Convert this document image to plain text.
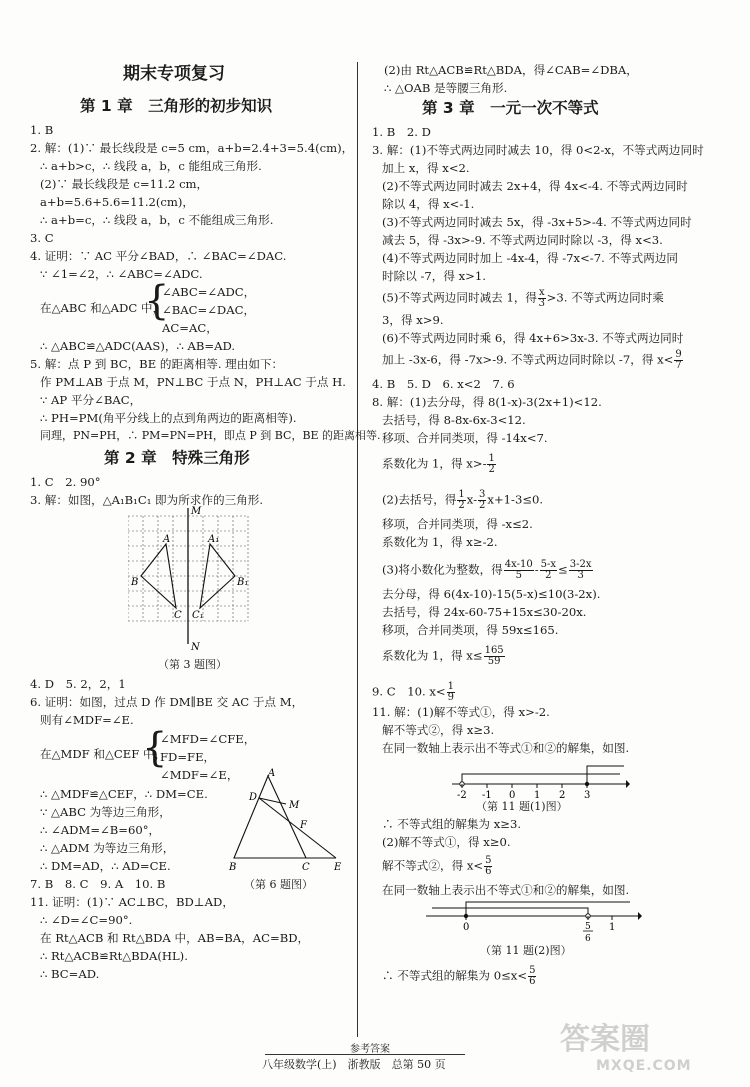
期末专项复习
第 1 章　三角形的初步知识
1. B
2. 解：(1)∵ 最长线段是 c=5 cm，a+b=2.4+3=5.4(cm)，
∴ a+b>c，∴ 线段 a，b，c 能组成三角形.
(2)∵ 最长线段是 c=11.2 cm，
a+b=5.6+5.6=11.2(cm)，
∴ a+b=c，∴ 线段 a，b，c 不能组成三角形.
3. C
4. 证明：∵ AC 平分∠BAD，∴ ∠BAC=∠DAC.
∵ ∠1=∠2，∴ ∠ABC=∠ADC.
在△ABC 和△ADC 中，
{
∠ABC=∠ADC，
∠BAC=∠DAC，
AC=AC，
∴ △ABC≌△ADC(AAS)，∴ AB=AD.
5. 解：点 P 到 BC，BE 的距离相等. 理由如下：
作 PM⊥AB 于点 M，PN⊥BC 于点 N，PH⊥AC 于点 H.
∵ AP 平分∠BAC，
∴ PH=PM(角平分线上的点到角两边的距离相等).
同理，PN=PH，∴ PM=PN=PH，即点 P 到 BC，BE 的距离相等.
第 2 章　特殊三角形
1. C　2. 90°
3. 解：如图，△A₁B₁C₁ 即为所求作的三角形.
M
N
A	A₁
B	B₁
C C₁
（第 3 题图）
4. D　5. 2，2，1
6. 证明：如图，过点 D 作 DM∥BE 交 AC 于点 M，
则有∠MDF=∠E.
在△MDF 和△CEF 中，
{
∠MFD=∠CFE，
FD=FE，
∠MDF=∠E，
∴ △MDF≌△CEF，∴ DM=CE.
∵ △ABC 为等边三角形，
∴ ∠ADM=∠B=60°，
∴ △ADM 为等边三角形，
∴ DM=AD，∴ AD=CE.
A
D
M
F
B	C E
（第 6 题图）
7. B　8. C　9. A　10. B
11. 证明：(1)∵ AC⊥BC，BD⊥AD，
∴ ∠D=∠C=90°.
在 Rt△ACB 和 Rt△BDA 中，AB=BA，AC=BD，
∴ Rt△ACB≌Rt△BDA(HL).
∴ BC=AD.
(2)由 Rt△ACB≌Rt△BDA，得∠CAB=∠DBA，
∴ △OAB 是等腰三角形.
第 3 章　一元一次不等式
1. B　2. D
3. 解：(1)不等式两边同时减去 10，得 0<2-x，不等式两边同时
加上 x，得 x<2.
(2)不等式两边同时减去 2x+4，得 4x<-4. 不等式两边同时
除以 4，得 x<-1.
(3)不等式两边同时减去 5x，得 -3x+5>-4. 不等式两边同时
减去 5，得 -3x>-9. 不等式两边同时除以 -3，得 x<3.
(4)不等式两边同时加上 -4x-4，得 -7x<-7. 不等式两边同
时除以 -7，得 x>1.
(5)不等式两边同时减去 1，得 $\frac{x}{3} >3$. 不等式两边同时乘
3，得 x>9.
(6)不等式两边同时乘 6，得 4x+6>3x-3. 不等式两边同时
加上 -3x-6，得 -7x>-9. 不等式两边同时除以 -7，得 $x< \frac{9}{7}$
4. B　5. D　6. x<2　7. 6
8. 解：(1)去分母，得 8(1-x)-3(2x+1)<12.
去括号，得 8-8x-6x-3<12.
移项、合并同类项，得 -14x<7.
系数化为 1，得 $x>- \frac{1}{2}$
(2)去括号，得 $\frac{1}{2} x- \frac{3}{2} x+1-3\le 0$.
移项，合并同类项，得 -x≤2.
系数化为 1，得 x≥-2.
(3)将小数化为整数，得 $\frac{4x-10}{5} - \frac{5-x}{2} \le \frac{3-2x}{3}$
去分母，得 6(4x-10)-15(5-x)≤10(3-2x).
去括号，得 24x-60-75+15x≤30-20x.
移项，合并同类项，得 59x≤165.
系数化为 1，得 $x\le \frac{165}{59}$
9. C　10. $x< \frac{1}{9}$
11. 解：(1)解不等式①，得 x>-2.
解不等式②，得 x≥3.
在同一数轴上表示出不等式①和②的解集，如图.
-2 -1 0 1 2 3
（第 11 题(1)图）
∴ 不等式组的解集为 x≥3.
(2)解不等式①，得 x≥0.
解不等式②，得 $x< \frac{5}{6}$
在同一数轴上表示出不等式①和②的解集，如图.
0	1
5
6
（第 11 题(2)图）
∴ 不等式组的解集为 $0\le x< \frac{5}{6}$
参考答案
八年级数学(上)　浙教版　总第 50 页
答案圈
MXQE.COM
